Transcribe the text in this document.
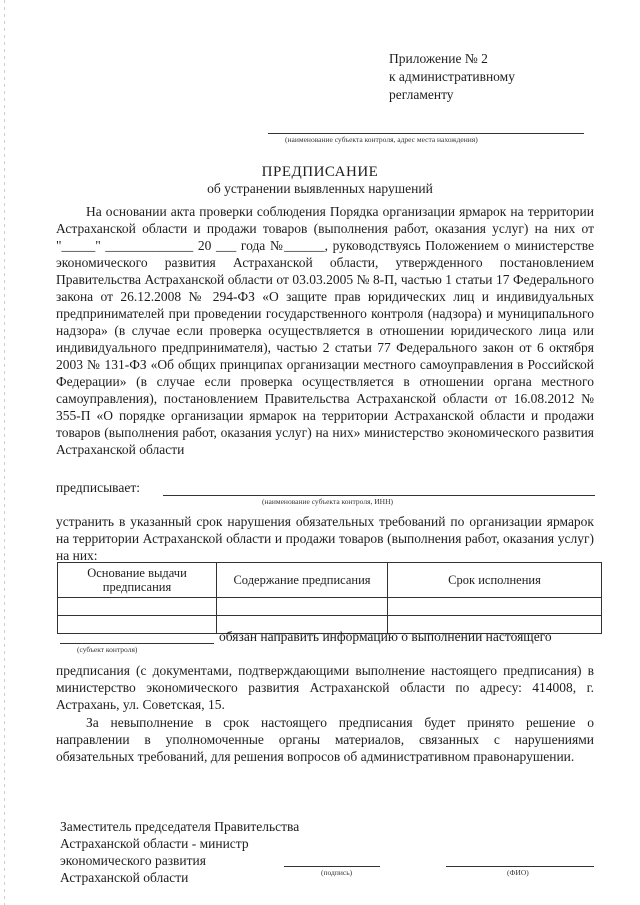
Приложение № 2
к административному
регламенту
(наименование субъекта контроля, адрес места нахождения)
ПРЕДПИСАНИЕ
об устранении выявленных нарушений
На основании акта проверки соблюдения Порядка организации ярмарок на территории Астраханской области и продажи товаров (выполнения работ, оказания услуг) на них от "_____" _____________ 20 ___ года №______, руководствуясь Положением о министерстве экономического развития Астраханской области, утвержденного постановлением Правительства Астраханской области от 03.03.2005 № 8-П, частью 1 статьи 17 Федерального закона от 26.12.2008 № 294-ФЗ «О защите прав юридических лиц и индивидуальных предпринимателей при проведении государственного контроля (надзора) и муниципального надзора» (в случае если проверка осуществляется в отношении юридического лица или индивидуального предпринимателя), частью 2 статьи 77 Федерального закон от 6 октября 2003 № 131-ФЗ «Об общих принципах организации местного самоуправления в Российской Федерации» (в случае если проверка осуществляется в отношении органа местного самоуправления), постановлением Правительства Астраханской области от 16.08.2012 № 355-П «О порядке организации ярмарок на территории Астраханской области и продажи товаров (выполнения работ, оказания услуг) на них» министерство экономического развития Астраханской области
предписывает:
(наименование субъекта контроля, ИНН)
устранить в указанный срок нарушения обязательных требований по организации ярмарок на территории Астраханской области и продажи товаров (выполнения работ, оказания услуг) на них:
Основание выдачи предписания	Содержание предписания	Срок исполнения

(субъект контроля)
обязан направить информацию о выполнении настоящего
предписания (с документами, подтверждающими выполнение настоящего предписания) в министерство экономического развития Астраханской области по адресу: 414008, г. Астрахань, ул. Советская, 15.
За невыполнение в срок настоящего предписания будет принято решение о направлении в уполномоченные органы материалов, связанных с нарушениями обязательных требований, для решения вопросов об административном правонарушении.
Заместитель председателя Правительства
Астраханской области - министр
экономического развития
Астраханской области	(подпись)	(ФИО)
